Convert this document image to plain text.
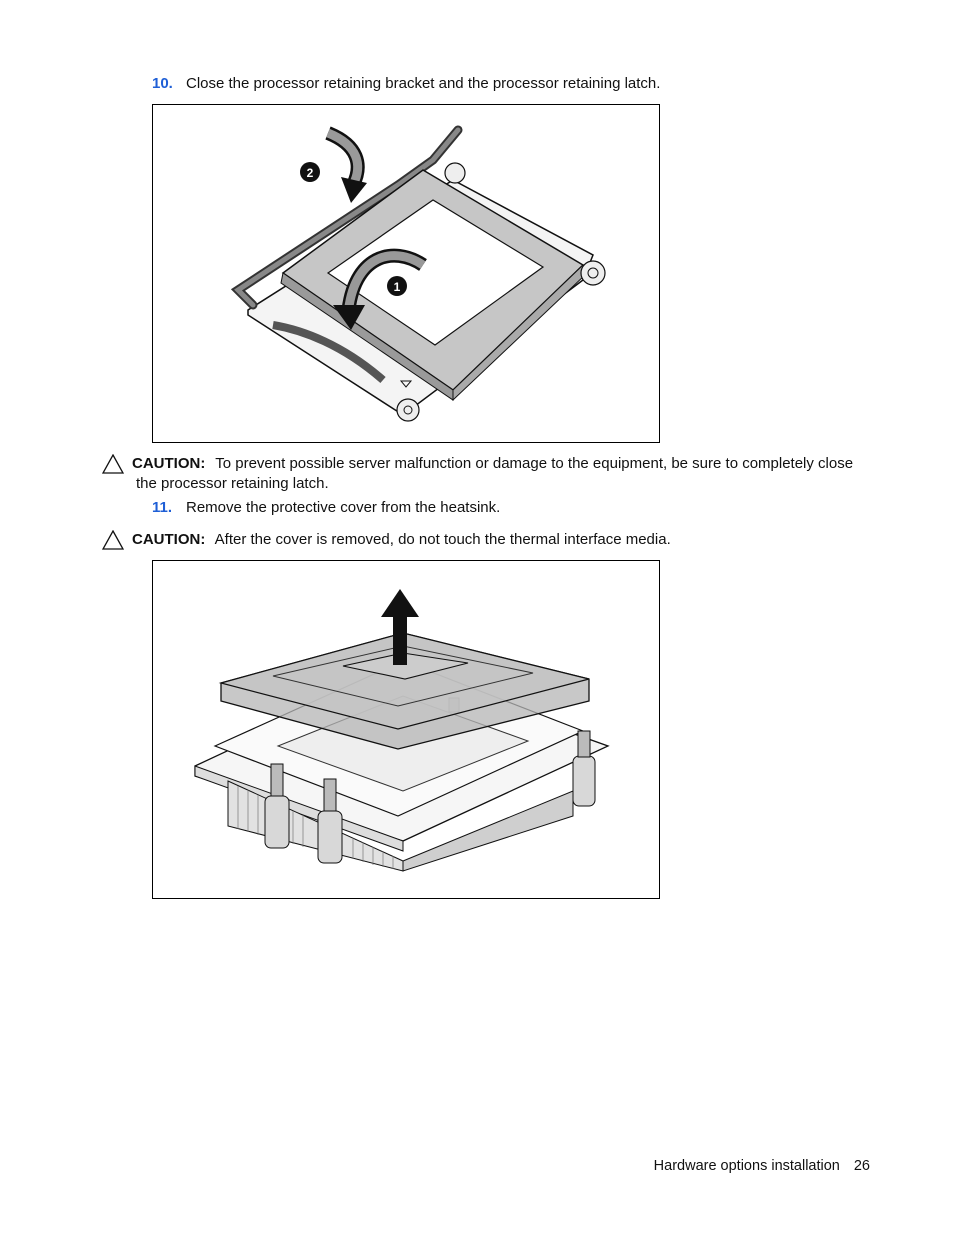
10. Close the processor retaining bracket and the processor retaining latch.
1
2
CAUTION: To prevent possible server malfunction or damage to the equipment, be sure to completely close
the processor retaining latch.
11. Remove the protective cover from the heatsink.
CAUTION: After the cover is removed, do not touch the thermal interface media.
Hardware options installation 26
